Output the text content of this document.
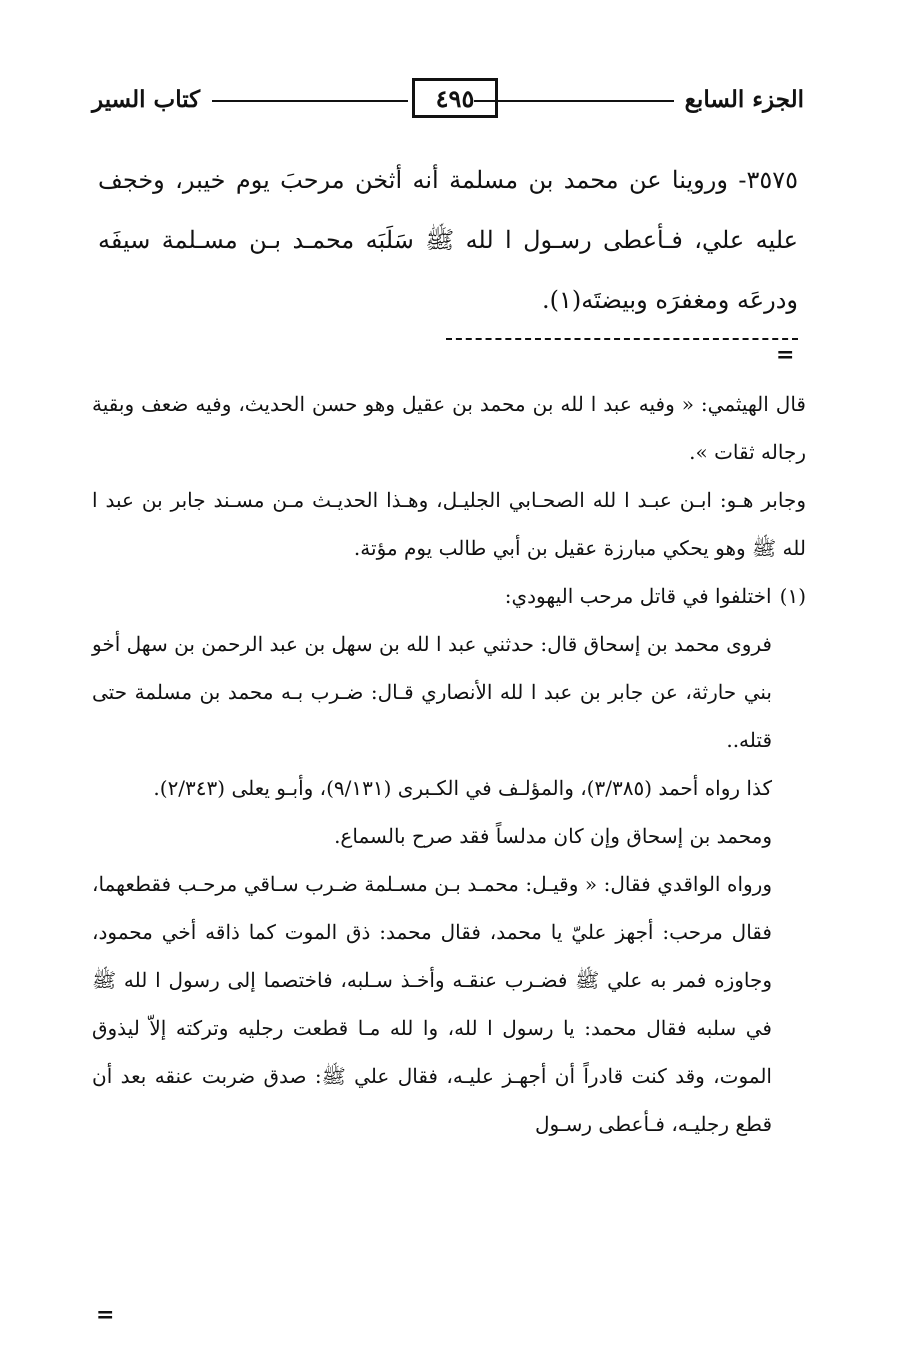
الجزء السابع
٤٩٥
كتاب السير

٣٥٧٥- وروينا عن محمد بن مسلمة أنه أثخن مرحبَ يوم خيبر، وخجف عليه علي، فـأعطى رسـول ا لله ﷺ سَلَبَه محمـد بـن مسـلمة سيفَه ودرعَه ومغفرَه وبيضتَه(١).

=

قال الهيثمي: « وفيه عبد ا لله بن محمد بن عقيل وهو حسن الحديث، وفيه ضعف وبقية رجاله ثقات ».

وجابر هـو: ابـن عبـد ا لله الصحـابي الجليـل، وهـذا الحديـث مـن مسـند جابر بن عبد ا لله ﷺ وهو يحكي مبارزة عقيل بن أبي طالب يوم مؤتة.

(١)اختلفوا في قاتل مرحب اليهودي:

فروى محمد بن إسحاق قال: حدثني عبد ا لله بن سهل بن عبد الرحمن بن سهل أخو بني حارثة، عن جابر بن عبد ا لله الأنصاري قـال: ضـرب بـه محمد بن مسلمة حتى قتله..

كذا رواه أحمد (٣/٣٨٥)، والمؤلـف في الكـبرى (٩/١٣١)، وأبـو يعلى (٢/٣٤٣).

ومحمد بن إسحاق وإن كان مدلساً فقد صرح بالسماع.

ورواه الواقدي فقال: « وقيـل: محمـد بـن مسـلمة ضـرب سـاقي مرحـب فقطعهما، فقال مرحب: أجهز عليّ يا محمد، فقال محمد: ذق الموت كما ذاقه أخي محمود، وجاوزه فمر به علي ﷺ فضـرب عنقـه وأخـذ سـلبه، فاختصما إلى رسول ا لله ﷺ في سلبه فقال محمد: يا رسول ا لله، وا لله مـا قطعت رجليه وتركته إلاّ ليذوق الموت، وقد كنت قادراً أن أجهـز عليـه، فقال علي ﷺ: صدق ضربت عنقه بعد أن قطع رجليـه، فـأعطى رسـول

=
